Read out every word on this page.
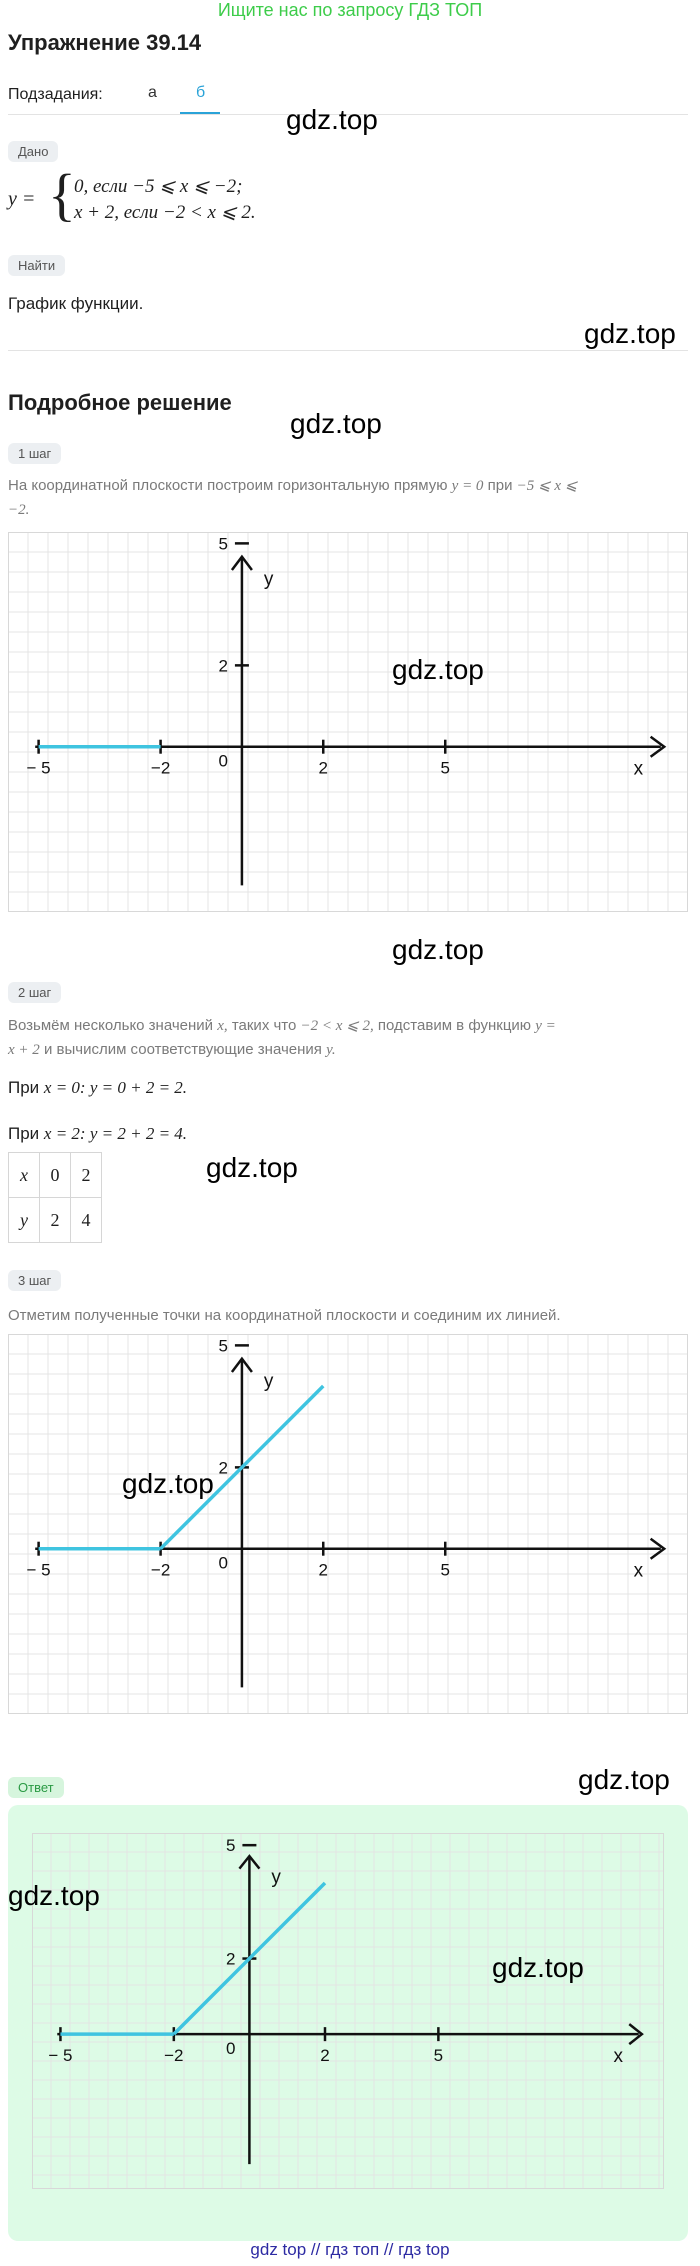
Ищите нас по запросу ГДЗ ТОП
Упражнение 39.14
Подзадания:	а б
gdz.top
Дано
y = {
0, если −5 ⩽ x ⩽ −2;
x + 2, если −2 < x ⩽ 2.
Найти
График функции.
gdz.top
Подробное решение
gdz.top
1 шаг
На координатной плоскости построим горизонтальную прямую y = 0 при −5 ⩽ x ⩽
−2.
− 5	−2	2	5
5
2
0	x
y
gdz.top
gdz.top
2 шаг
Возьмём несколько значений x, таких что −2 < x ⩽ 2, подставим в функцию y =
x + 2 и вычислим соответствующие значения y.
При x = 0: y = 0 + 2 = 2.
При x = 2: y = 2 + 2 = 4.
x	0	2
y	2	4
gdz.top
3 шаг
Отметим полученные точки на координатной плоскости и соединим их линией.
− 5	−2	2	5
5
2
0	x
y
gdz.top
Ответ	gdz.top
− 5	−2	2	5
5
2
0	x
y
gdz.top
gdz.top
gdz top // гдз топ // гдз top
